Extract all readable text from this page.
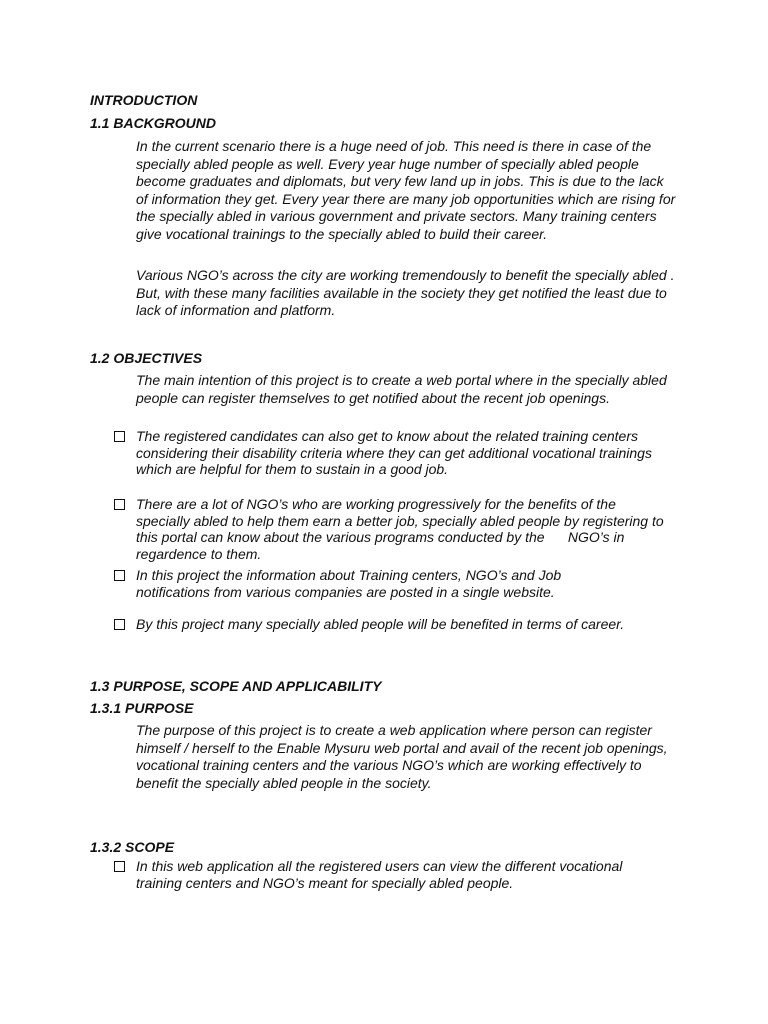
INTRODUCTION
1.1 BACKGROUND
In the current scenario there is a huge need of job. This need is there in case of the specially abled people as well. Every year huge number of specially abled people become graduates and diplomats, but very few land up in jobs. This is due to the lack of information they get. Every year there are many job opportunities which are rising for the specially abled in various government and private sectors. Many training centers give vocational trainings to the specially abled to build their career.
Various NGO’s across the city are working tremendously to benefit the specially abled . But, with these many facilities available in the society they get notified the least due to lack of information and platform.
1.2 OBJECTIVES
The main intention of this project is to create a web portal where in the specially abled people can register themselves to get notified about the recent job openings.
The registered candidates can also get to know about the related training centers considering their disability criteria where they can get additional vocational trainings which are helpful for them to sustain in a good job.
There are a lot of NGO’s who are working progressively for the benefits of the specially abled to help them earn a better job, specially abled people by registering to this portal can know about the various programs conducted by the      NGO’s in regardence to them.
In this project the information about Training centers, NGO’s and Job notifications from various companies are posted in a single website.
By this project many specially abled people will be benefited in terms of career.
1.3 PURPOSE, SCOPE AND APPLICABILITY
1.3.1 PURPOSE
The purpose of this project is to create a web application where person can register himself / herself to the Enable Mysuru web portal and avail of the recent job openings, vocational training centers and the various NGO’s which are working effectively to benefit the specially abled people in the society.
1.3.2 SCOPE
In this web application all the registered users can view the different vocational training centers and NGO’s meant for specially abled people.
